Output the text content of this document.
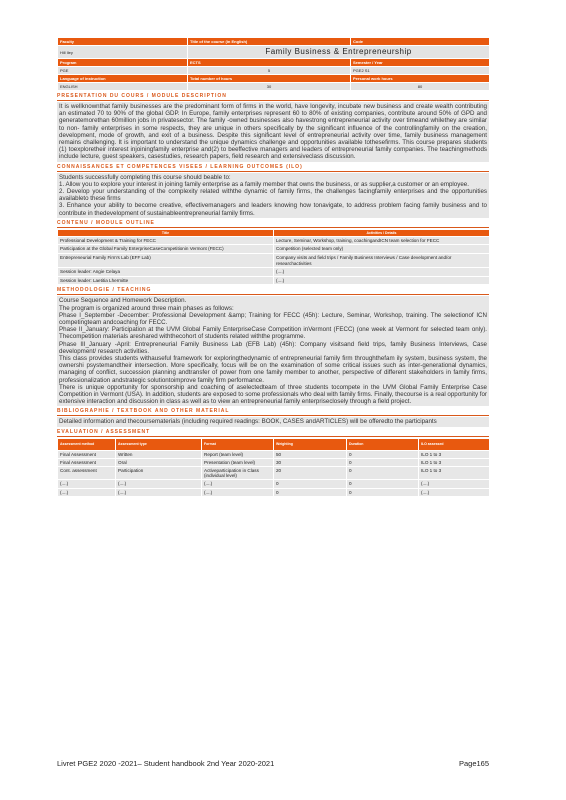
Faculty	Title of the course (in English)	Code
Hill Iley	Family Business & Entrepreneurship	
Program	ECTS	Semester / Year
PGE	5	PGE2 S1
Language of instruction	Total number of hours	Personal work hours
ENGLISH	30	80
PRESENTATION DU COURS / MODULE DESCRIPTION

It is wellknownthat family businesses are the predominant form of firms in the world, have longevity, incubate new business and create wealth contributing an estimated 70 to 90% of the global GDP. In Europe, family enterprises represent 60 to 80% of existing companies, contribute around 50% of GPD and generatemorethan 60million jobs in privatesector. The family -owned businesses also havestrong entrepreneurial activity over timeand whilethey are similar to non- family enterprises in some respects, they are unique in others specifically by the significant influence of the controllingfamily on the creation, development, mode of growth, and exit of a business. Despite this significant level of entrepreneurial activity over time, family business management remains challenging. It is important to understand the unique dynamics challenge and opportunities available tothesefirms. This course prepares students (1) toexploretheir interest injoiningfamily enterprise and(2) to beeffective managers and leaders of entrepreneurial family companies. The teachingmethods include lecture, guest speakers, casestudies, research papers, field research and extensiveclass discussion.

CONNAISSANCES ET COMPETENCES VISEES / LEARNING OUTCOMES (ILO)

Students successfully completing this course should beable to:

1. Allow you to explore your interest in joining family enterprise as a family member that owns the business, or as supplier,a customer or an employee.

2. Develop your understanding of the complexity related withthe dynamic of family firms, the challenges facingfamily enterprises and the opportunities availableto these firms

3. Enhance your ability to become creative, effectivemanagers and leaders knowing how tonavigate, to address problem facing family business and to contribute in thedevelopment of sustainableentrepreneurial family firms.

CONTENU / MODULE OUTLINE
Title	Activities / Details
Professional Development & Training for FECC	Lecture, Seminar, Workshop, training, coachingandICN team selection for FECC
Participation at the Global Family EnterpriseCaseCompetitionin Vermont (FECC)	Competition (selected team only)
Entrepreneurial Family Firm's Lab (EFF Lab)	Company visits and field trips / Family Business Interviews / Case development and/or researchactivities
Session leader: Angie Celaya	(....)
Session leader: Laetitia Lhermitte	(....)
METHODOLOGIE / TEACHING

Course Sequence and Homework Description.

The program is organized around three main phases as follows:

Phase I_September -December: Professional Development &amp; Training for FECC (45h): Lecture, Seminar, Workshop, training. The selectionof ICN competingteam andcoaching for FECC.

Phase II_January: Participation at the UVM Global Family EnterpriseCase Competition inVermont (FECC) (one week at Vermont for selected team only). Thecompetition materials areshared withthecohort of students related withthe programme.

Phase III_January -April: Entrepreneurial Family Business Lab (EFB Lab) (45h): Company visitsand field trips, family Business Interviews, Case development/ research activities.

This class provides students withauseful framework for exploringthedynamic of entrepreneurial family firm throughthefam ily system, business system, the ownershi psystemandtheir intersection. More specifically, focus will be on the examination of some critical issues such as inter-generational dynamics, managing of conflict, succession planning andtransfer of power from one family member to another, perspective of different stakeholders in family firms, professionalization andstrategic solutiontoimprove family firm performance.

There is unique opportunity for sponsorship and coaching of aselectedteam of three students tocompete in the UVM Global Family Enterprise Case Competition in Vermont (USA). In addition, students are exposed to some professionals who deal with family firms. Finally, thecourse is a real opportunity for extensive interaction and discussion in class as well as to view an entrepreneurial family enterpriseclosely through a field project.

BIBLIOGRAPHIE / TEXTBOOK AND OTHER MATERIAL

Detailed information and thecoursematerials (including required readings: BOOK, CASES andARTICLES) will be offeredto the participants

EVALUATION / ASSESSMENT
Assessment method	Assessment type	Format	Weighting	Duration	ILO assessed
Final Assessment	Written	Report (team level)	50	0	ILO 1 to 3
Final Assessment	Oral	Presentation (team level)	30	0	ILO 1 to 3
Cont. assessment	Participation	Activeparticipation in Class (individual level)	20	0	ILO 1 to 3
(....)	(....)	(....)	0	0	(....)
(....)	(....)	(....)	0	0	(....)
Livret PGE2 2020 -2021– Student handbook 2nd Year 2020-2021	Page165
